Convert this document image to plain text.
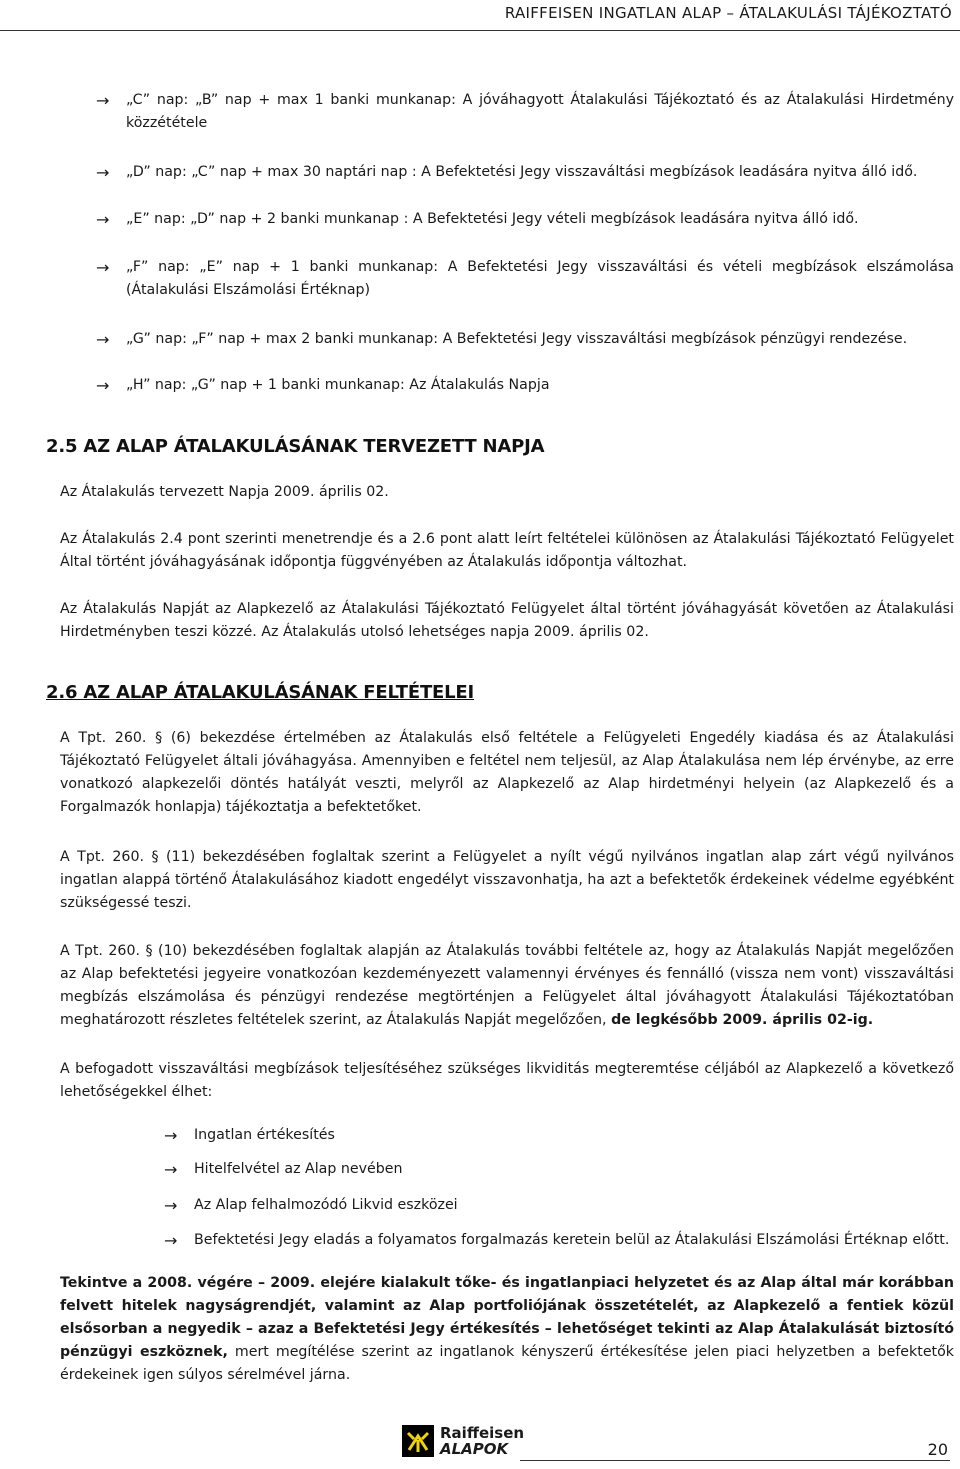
RAIFFEISEN INGATLAN ALAP – ÁTALAKULÁSI TÁJÉKOZTATÓ
→	„C” nap: „B” nap + max 1 banki munkanap: A jóváhagyott Átalakulási Tájékoztató és az Átalakulási Hirdetmény közzététele
→	„D” nap: „C” nap + max 30 naptári nap : A Befektetési Jegy visszaváltási megbízások leadására nyitva álló idő.
→	„E” nap: „D” nap + 2 banki munkanap : A Befektetési Jegy vételi megbízások leadására nyitva álló idő.
→	„F” nap: „E” nap + 1 banki munkanap: A Befektetési Jegy visszaváltási és vételi megbízások elszámolása (Átalakulási Elszámolási Értéknap)
→	„G” nap: „F” nap + max 2 banki munkanap: A Befektetési Jegy visszaváltási megbízások pénzügyi rendezése.
→	„H” nap: „G” nap + 1 banki munkanap: Az Átalakulás Napja
2.5 AZ ALAP ÁTALAKULÁSÁNAK TERVEZETT NAPJA
Az Átalakulás tervezett Napja 2009. április 02.
Az Átalakulás 2.4 pont szerinti menetrendje és a 2.6 pont alatt leírt feltételei különösen az Átalakulási Tájékoztató Felügyelet Által történt jóváhagyásának időpontja függvényében az Átalakulás időpontja változhat.
Az Átalakulás Napját az Alapkezelő az Átalakulási Tájékoztató Felügyelet által történt jóváhagyását követően az Átalakulási Hirdetményben teszi közzé. Az Átalakulás utolsó lehetséges napja 2009. április 02.
2.6 AZ ALAP ÁTALAKULÁSÁNAK FELTÉTELEI
A Tpt. 260. § (6) bekezdése értelmében az Átalakulás első feltétele a Felügyeleti Engedély kiadása és az Átalakulási Tájékoztató Felügyelet általi jóváhagyása. Amennyiben e feltétel nem teljesül, az Alap Átalakulása nem lép érvénybe, az erre vonatkozó alapkezelői döntés hatályát veszti, melyről az Alapkezelő az Alap hirdetményi helyein (az Alapkezelő és a Forgalmazók honlapja) tájékoztatja a befektetőket.
A Tpt. 260. § (11) bekezdésében foglaltak szerint a Felügyelet a nyílt végű nyilvános ingatlan alap zárt végű nyilvános ingatlan alappá történő Átalakulásához kiadott engedélyt visszavonhatja, ha azt a befektetők érdekeinek védelme egyébként szükségessé teszi.
A Tpt. 260. § (10) bekezdésében foglaltak alapján az Átalakulás további feltétele az, hogy az Átalakulás Napját megelőzően az Alap befektetési jegyeire vonatkozóan kezdeményezett valamennyi érvényes és fennálló (vissza nem vont) visszaváltási megbízás elszámolása és pénzügyi rendezése megtörténjen a Felügyelet által jóváhagyott Átalakulási Tájékoztatóban meghatározott részletes feltételek szerint, az Átalakulás Napját megelőzően, de legkésőbb 2009. április 02-ig.
A befogadott visszaváltási megbízások teljesítéséhez szükséges likviditás megteremtése céljából az Alapkezelő a következő lehetőségekkel élhet:
→	Ingatlan értékesítés
→	Hitelfelvétel az Alap nevében
→	Az Alap felhalmozódó Likvid eszközei
→	Befektetési Jegy eladás a folyamatos forgalmazás keretein belül az Átalakulási Elszámolási Értéknap előtt.
Tekintve a 2008. végére – 2009. elejére kialakult tőke- és ingatlanpiaci helyzetet és az Alap által már korábban felvett hitelek nagyságrendjét, valamint az Alap portfoliójának összetételét, az Alapkezelő a fentiek közül elsősorban a negyedik – azaz a Befektetési Jegy értékesítés – lehetőséget tekinti az Alap Átalakulását biztosító pénzügyi eszköznek, mert megítélése szerint az ingatlanok kényszerű értékesítése jelen piaci helyzetben a befektetők érdekeinek igen súlyos sérelmével járna.
Raiffeisen
ALAPOK	20
